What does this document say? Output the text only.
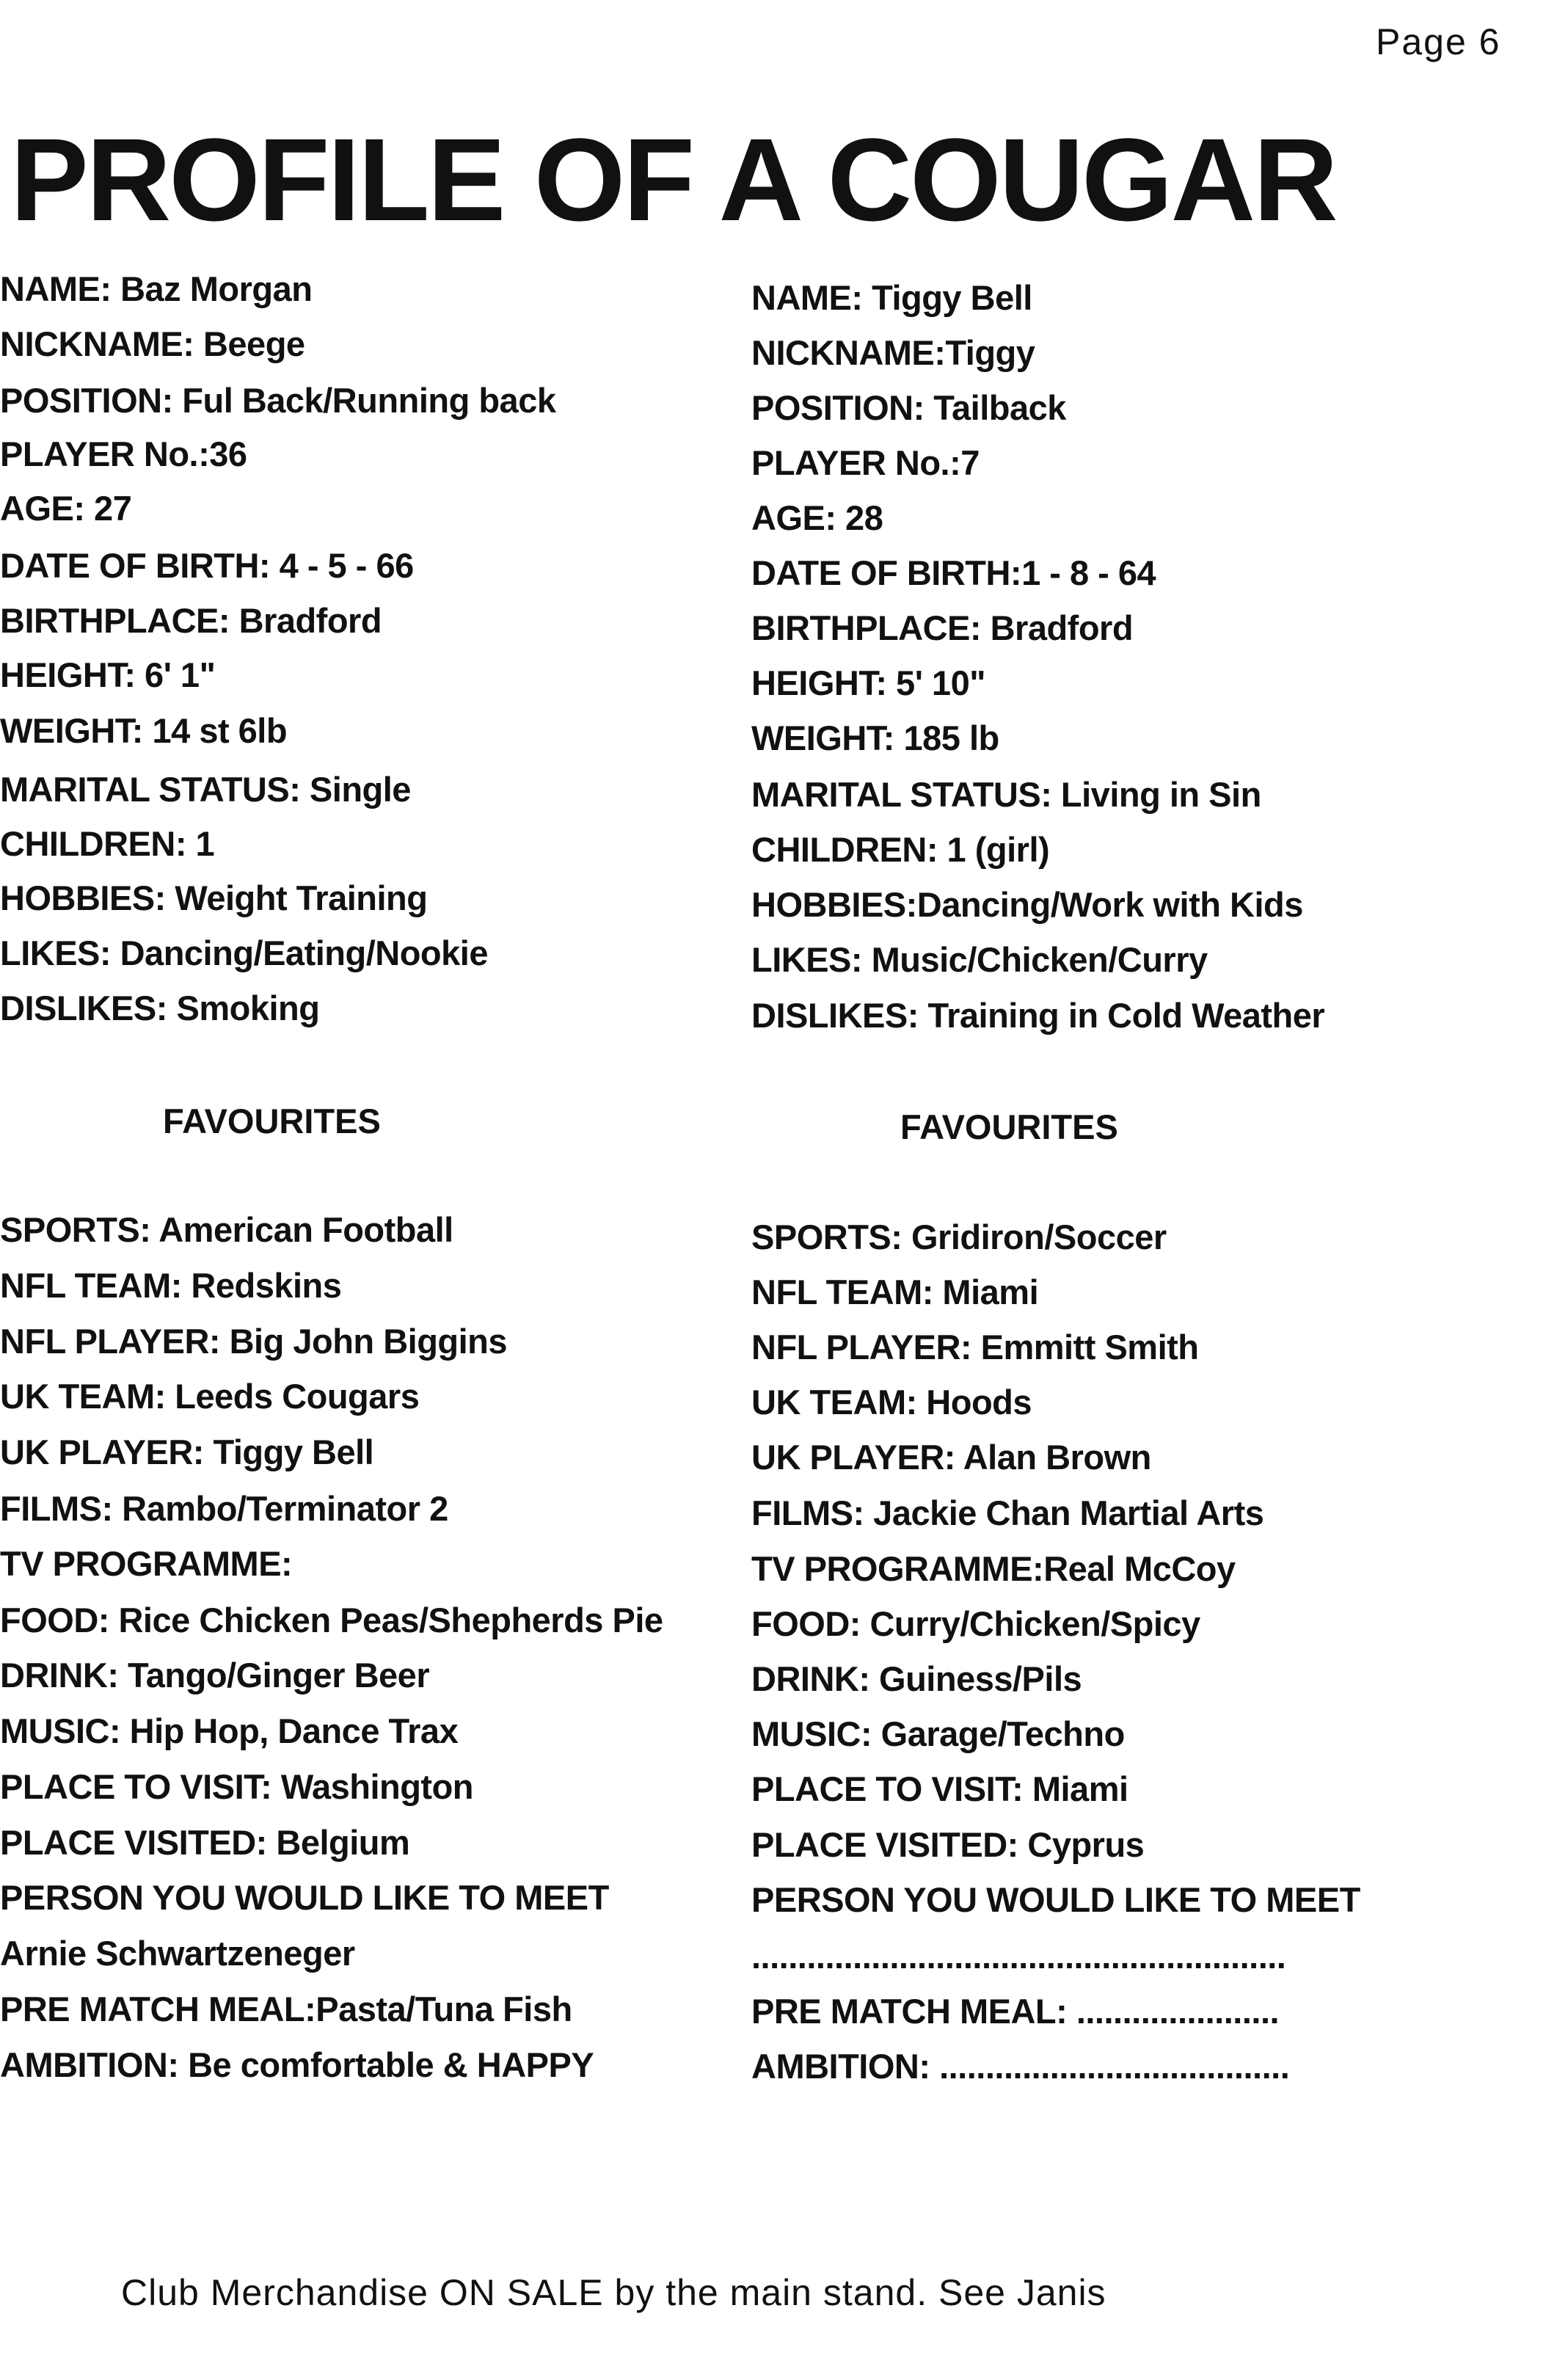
Page 6
PROFILE OF A COUGAR
NAME: Baz Morgan
NICKNAME: Beege
POSITION: Ful Back/Running back
PLAYER No.:36
AGE: 27
DATE OF BIRTH: 4 - 5 - 66
BIRTHPLACE: Bradford
HEIGHT: 6' 1"
WEIGHT: 14 st 6lb
MARITAL STATUS: Single
CHILDREN: 1
HOBBIES: Weight Training
LIKES: Dancing/Eating/Nookie
DISLIKES: Smoking
FAVOURITES
SPORTS: American Football
NFL TEAM: Redskins
NFL PLAYER: Big John Biggins
UK TEAM: Leeds Cougars
UK PLAYER: Tiggy Bell
FILMS: Rambo/Terminator 2
TV PROGRAMME:
FOOD: Rice Chicken Peas/Shepherds Pie
DRINK: Tango/Ginger Beer
MUSIC: Hip Hop, Dance Trax
PLACE TO VISIT: Washington
PLACE VISITED: Belgium
PERSON YOU WOULD LIKE TO MEET
Arnie Schwartzeneger
PRE MATCH MEAL:Pasta/Tuna Fish
AMBITION: Be comfortable & HAPPY
NAME: Tiggy Bell
NICKNAME:Tiggy
POSITION: Tailback
PLAYER No.:7
AGE: 28
DATE OF BIRTH:1 - 8 - 64
BIRTHPLACE: Bradford
HEIGHT: 5' 10"
WEIGHT: 185 lb
MARITAL STATUS: Living in Sin
CHILDREN: 1 (girl)
HOBBIES:Dancing/Work with Kids
LIKES: Music/Chicken/Curry
DISLIKES: Training in Cold Weather
FAVOURITES
SPORTS: Gridiron/Soccer
NFL TEAM: Miami
NFL PLAYER: Emmitt Smith
UK TEAM: Hoods
UK PLAYER: Alan Brown
FILMS: Jackie Chan Martial Arts
TV PROGRAMME:Real McCoy
FOOD: Curry/Chicken/Spicy
DRINK: Guiness/Pils
MUSIC: Garage/Techno
PLACE TO VISIT: Miami
PLACE VISITED: Cyprus
PERSON YOU WOULD LIKE TO MEET
..........................................................
PRE MATCH MEAL: ......................
AMBITION: ......................................
Club Merchandise ON SALE by the main stand. See Janis
